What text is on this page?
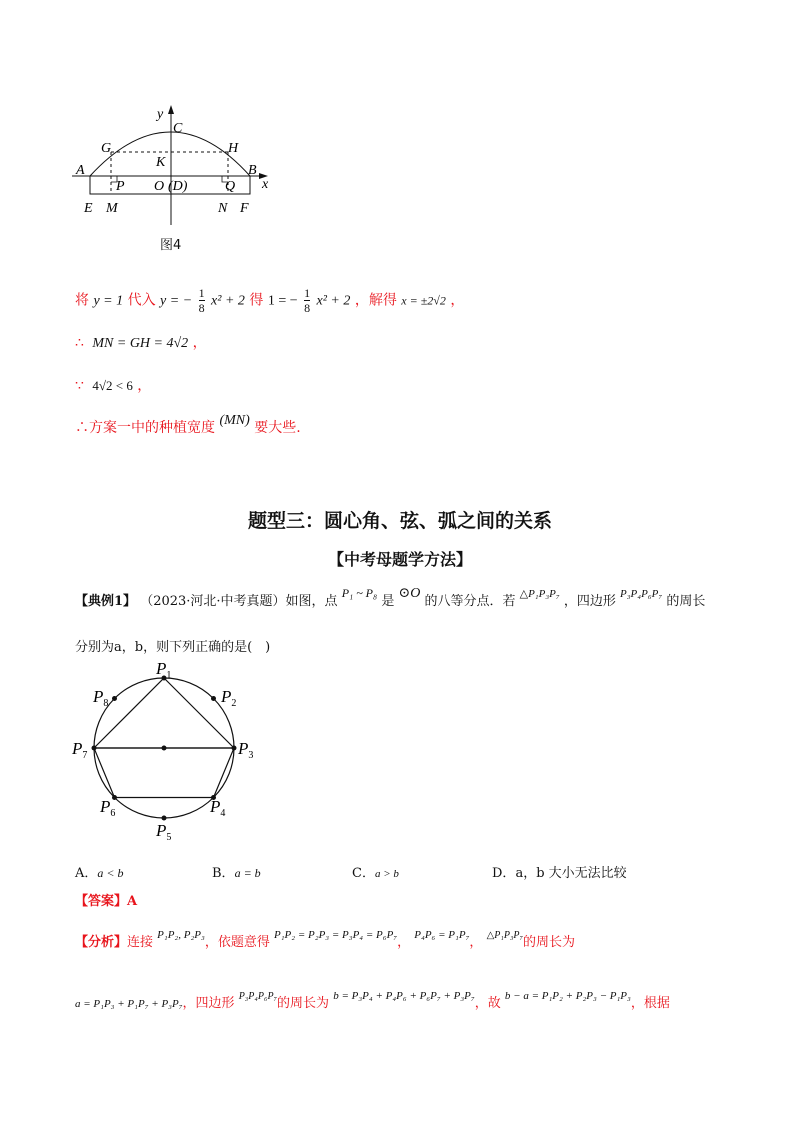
y
C
G	H
K
A	B
P O (D)	Q x
E M	N F
图4
将 y = 1 代入 y = − $\frac{1}{8} x^2 + 2$ 得 1 = − $\frac{1}{8} x^2 + 2$ ，解得 x = ±2√2 ，
∴ MN = GH = 4√2 ，
∵ 4√2 < 6 ，
∴方案一中的种植宽度 (MN) 要大些.
题型三：圆心角、弦、弧之间的关系
【中考母题学方法】
【典例1】 （2023·河北·中考真题）如图，点 P₁ ~ P₈ 是 ⊙O 的八等分点．若 $^{\triangle P_1P_3P_7}$ ，四边形 $^{P_3P_4P_6P_7}$ 的周长
分别为a，b，则下列正确的是(　)
$P_1$
$P_2$
$P_3$
$P_4$
$P_5$
$P_6$
$P_7$
$P_8$
A．a < b	B．a = b	C．a > b	D．a，b 大小无法比较
【答案】A
【分析】连接 $^{P_1P_2, P_2P_3}$，依题意得 $^{P_1P_2 = P_2P_3 = P_3P_4 = P_6P_7}$， $^{P_4P_6 = P_1P_7}$， $^{\triangle P_1P_3P_7}$的周长为
a = P₁P₃ + P₁P₇ + P₃P₇，四边形 $^{P_3P_4P_6P_7}$的周长为 $^{b = P_3P_4 + P_4P_6 + P_6P_7 + P_3P_7}$，故 $^{b - a = P_1P_2 + P_2P_3 - P_1P_3}$，根据
